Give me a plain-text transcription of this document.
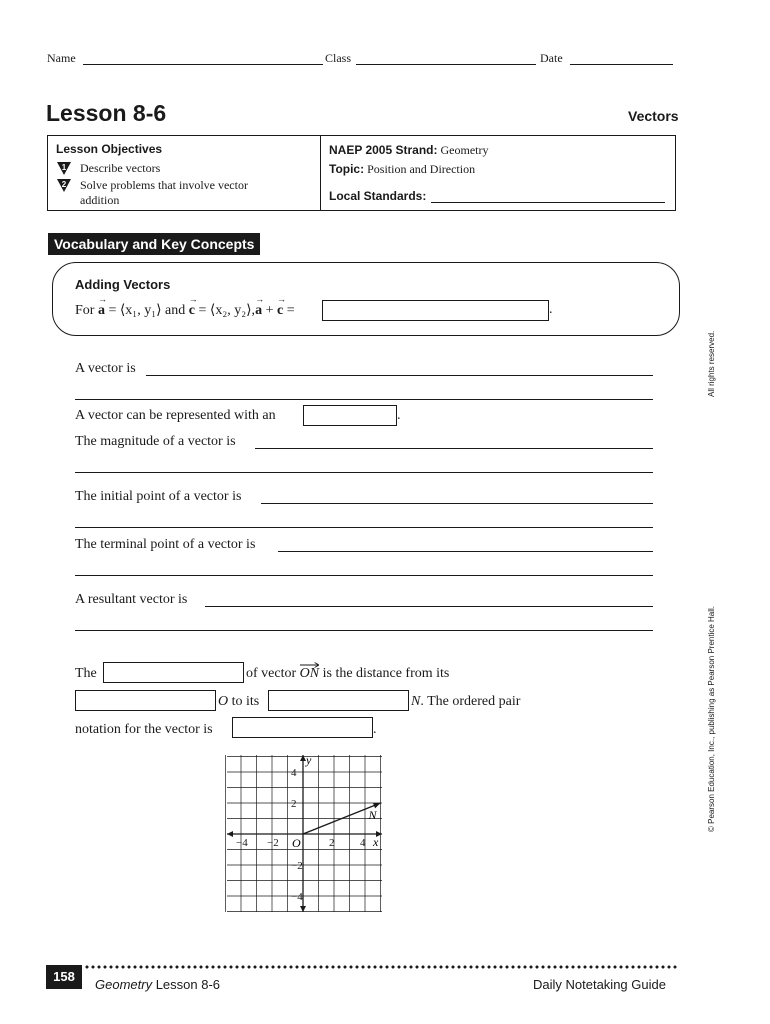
Name	Class	Date
Lesson 8-6	Vectors
Lesson Objectives
1 Describe vectors
2 Solve problems that involve vector
addition
NAEP 2005 Strand: Geometry
Topic: Position and Direction
Local Standards:
Vocabulary and Key Concepts
Adding Vectors
For → a = ⟨x₁, y₁⟩ and → c = ⟨x₂, y₂⟩,→ a + → c =	.
A vector is
A vector can be represented with an	.
The magnitude of a vector is
The initial point of a vector is
The terminal point of a vector is
A resultant vector is
The	of vector ON is the distance from its
O to its	N. The ordered pair
notation for the vector is	.
−4 −2	2 4
4
2
−2
−4
x
y
O
N
All rights reserved.
© Pearson Education, Inc., publishing as Pearson Prentice Hall.
158
Geometry Lesson 8-6	Daily Notetaking Guide
